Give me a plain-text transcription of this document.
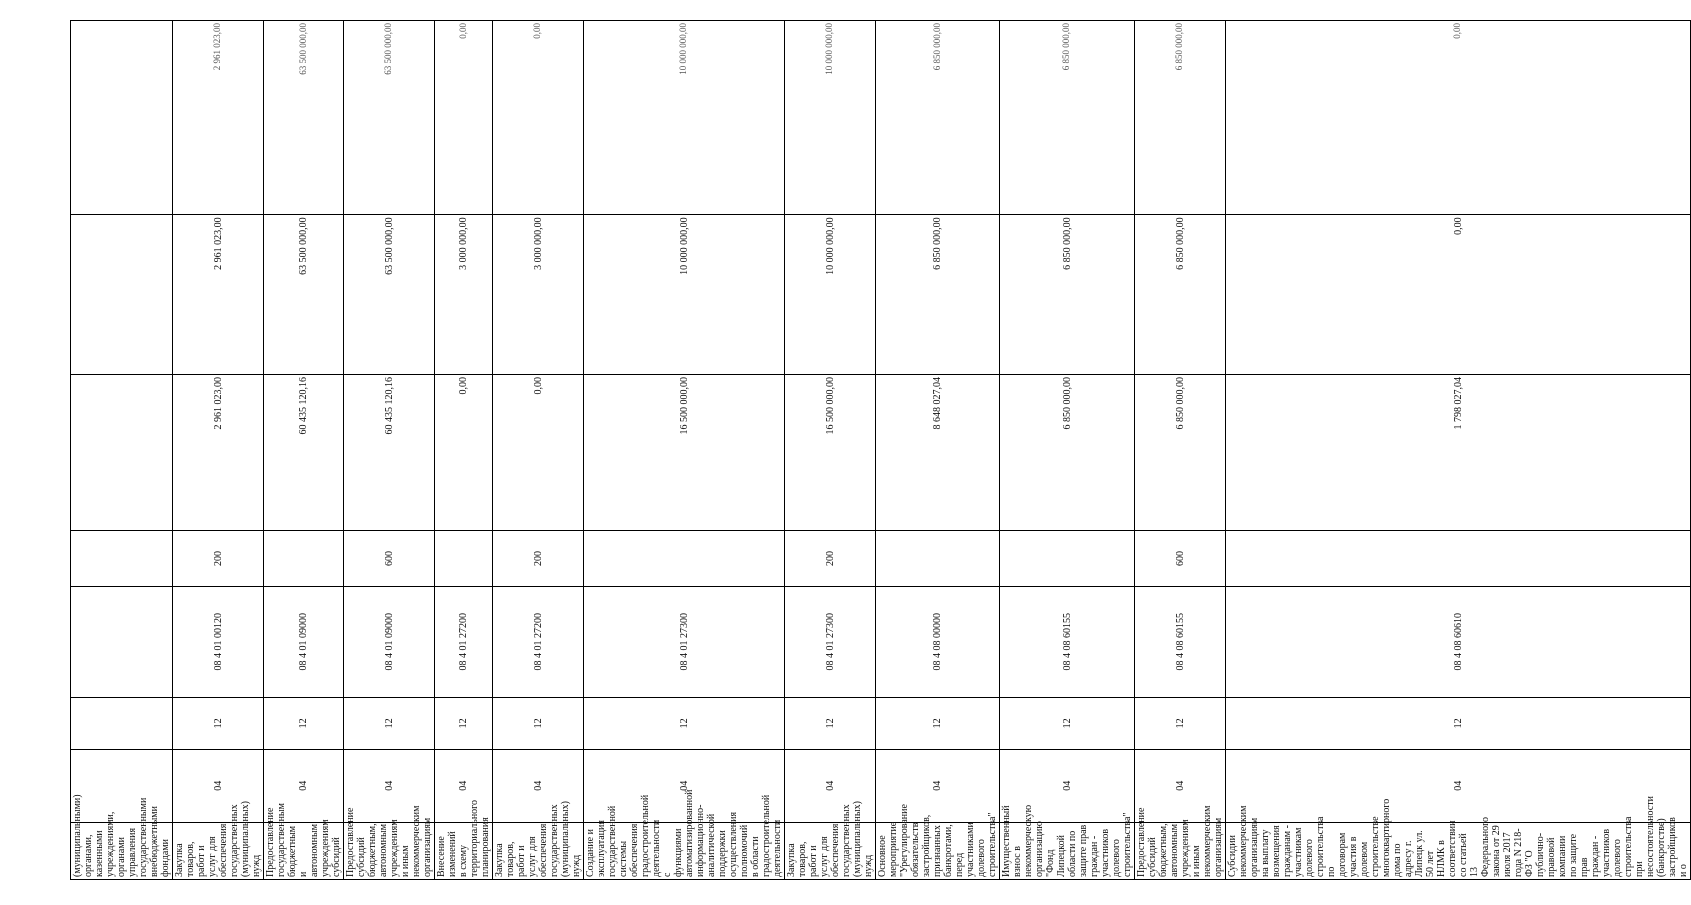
(муниципальными) органами, казенными учреждениями, органами управления государственными внебюджетными фондами							
Закупка товаров, работ и услуг для обеспечения государственных (муниципальных) нужд	04	12	08 4 01 00120	200	2 961 023,00	2 961 023,00	2 961 023,00
Предоставление государственным бюджетным и автономным учреждениям субсидий	04	12	08 4 01 09000		60 435 120,16	63 500 000,00	63 500 000,00
Предоставление субсидий бюджетным, автономным учреждениям и иным некоммерческим организациям	04	12	08 4 01 09000	600	60 435 120,16	63 500 000,00	63 500 000,00
Внесение изменений в схему территориального планирования	04	12	08 4 01 27200		0,00	3 000 000,00	0,00
Закупка товаров, работ и услуг для обеспечения государственных (муниципальных) нужд	04	12	08 4 01 27200	200	0,00	3 000 000,00	0,00
Создание и эксплуатация государственной системы обеспечения градостроительной деятельности с функциями автоматизированной информационно-аналитической поддержки осуществления полномочий в области градостроительной деятельности	04	12	08 4 01 27300		16 500 000,00	10 000 000,00	10 000 000,00
Закупка товаров, работ и услуг для обеспечения государственных (муниципальных) нужд	04	12	08 4 01 27300	200	16 500 000,00	10 000 000,00	10 000 000,00
Основное мероприятие "Урегулирование обязательств застройщиков, признанных банкротами, перед участниками долевого строительства"	04	12	08 4 08 00000		8 648 027,04	6 850 000,00	6 850 000,00
Имущественный взнос в некоммерческую организацию "Фонд Липецкой области по защите прав граждан - участников долевого строительства"	04	12	08 4 08 60155		6 850 000,00	6 850 000,00	6 850 000,00
Предоставление субсидий бюджетным, автономным учреждениям и иным некоммерческим организациям	04	12	08 4 08 60155	600	6 850 000,00	6 850 000,00	6 850 000,00
Субсидии некоммерческим организациям на выплату возмещения гражданам - участникам долевого строительства по договорам участия в долевом строительстве многоквартирного дома по адресу г. Липецк ул. 50 лет НЛМК в соответствии со статьей 13 Федерального закона от 29 июля 2017 года N 218-ФЗ "О публично-правовой компании по защите прав граждан - участников долевого строительства при несостоятельности (банкротстве) застройщиков и о	04	12	08 4 08 60610		1 798 027,04	0,00	0,00
